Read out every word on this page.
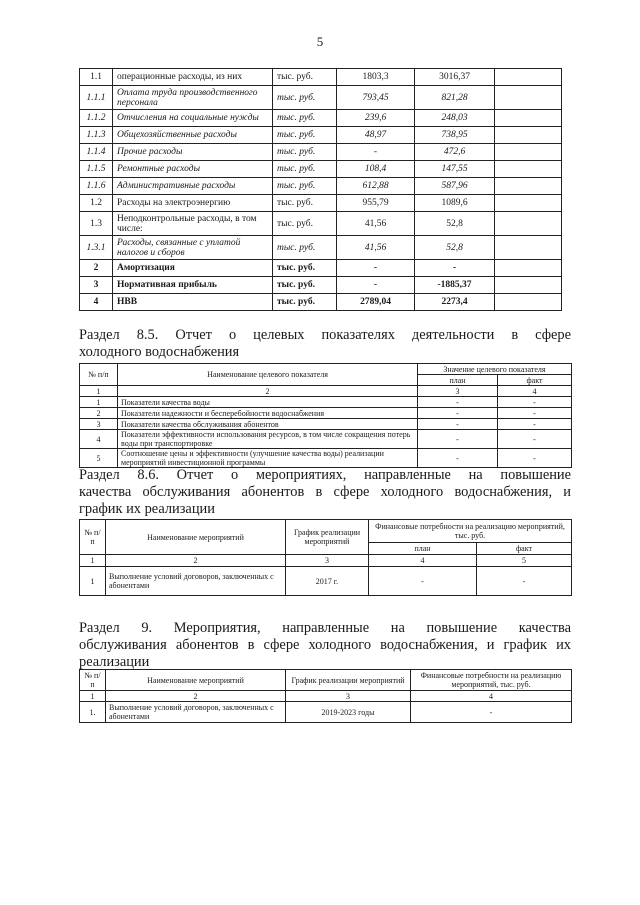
5
1.1	операционные расходы, из них	тыс. руб.	1803,3	3016,37	
1.1.1	Оплата труда производственного персонала	тыс. руб.	793,45	821,28	
1.1.2	Отчисления на социальные нужды	тыс. руб.	239,6	248,03	
1.1.3	Общехозяйственные расходы	тыс. руб.	48,97	738,95	
1.1.4	Прочие расходы	тыс. руб.	-	472,6	
1.1.5	Ремонтные расходы	тыс. руб.	108,4	147,55	
1.1.6	Административные расходы	тыс. руб.	612,88	587,96	
1.2	Расходы на электроэнергию	тыс. руб.	955,79	1089,6	
1.3	Неподконтрольные расходы, в том числе:	тыс. руб.	41,56	52,8	
1.3.1	Расходы, связанные с уплатой налогов и сборов	тыс. руб.	41,56	52,8	
2	Амортизация	тыс. руб.	-	-	
3	Нормативная прибыль	тыс. руб.	-	-1885,37	
4	НВВ	тыс. руб.	2789,04	2273,4	
Раздел 8.5. Отчет о целевых показателях деятельности в сфере
холодного водоснабжения
№ п/п	Наименование целевого показателя	Значение целевого показателя	
		план	факт
1	2	3	4
1	Показатели качества воды	-	-
2	Показатели надежности и бесперебойности водоснабжения	-	-
3	Показатели качества обслуживания абонентов	-	-
4	Показатели эффективности использования ресурсов, в том числе сокращения потерь воды при транспортировке	-	-
5	Соотношение цены и эффективности (улучшение качества воды) реализации мероприятий инвестиционной программы	-	-
Раздел 8.6. Отчет о мероприятиях, направленные на повышение
качества обслуживания абонентов в сфере холодного водоснабжения, и
график их реализации
№ п/п	Наименование мероприятий	График реализации мероприятий	Финансовые потребности на реализацию мероприятий, тыс. руб.	
			план	факт
1	2	3	4	5
1	Выполнение условий договоров, заключенных с абонентами	2017 г.	-	-
Раздел 9. Мероприятия, направленные на повышение качества
обслуживания абонентов в сфере холодного водоснабжения, и график их
реализации
№ п/п	Наименование мероприятий	График реализации мероприятий	Финансовые потребности на реализацию мероприятий, тыс. руб.
1	2	3	4
1.	Выполнение условий договоров, заключенных с абонентами	2019-2023 годы	-
